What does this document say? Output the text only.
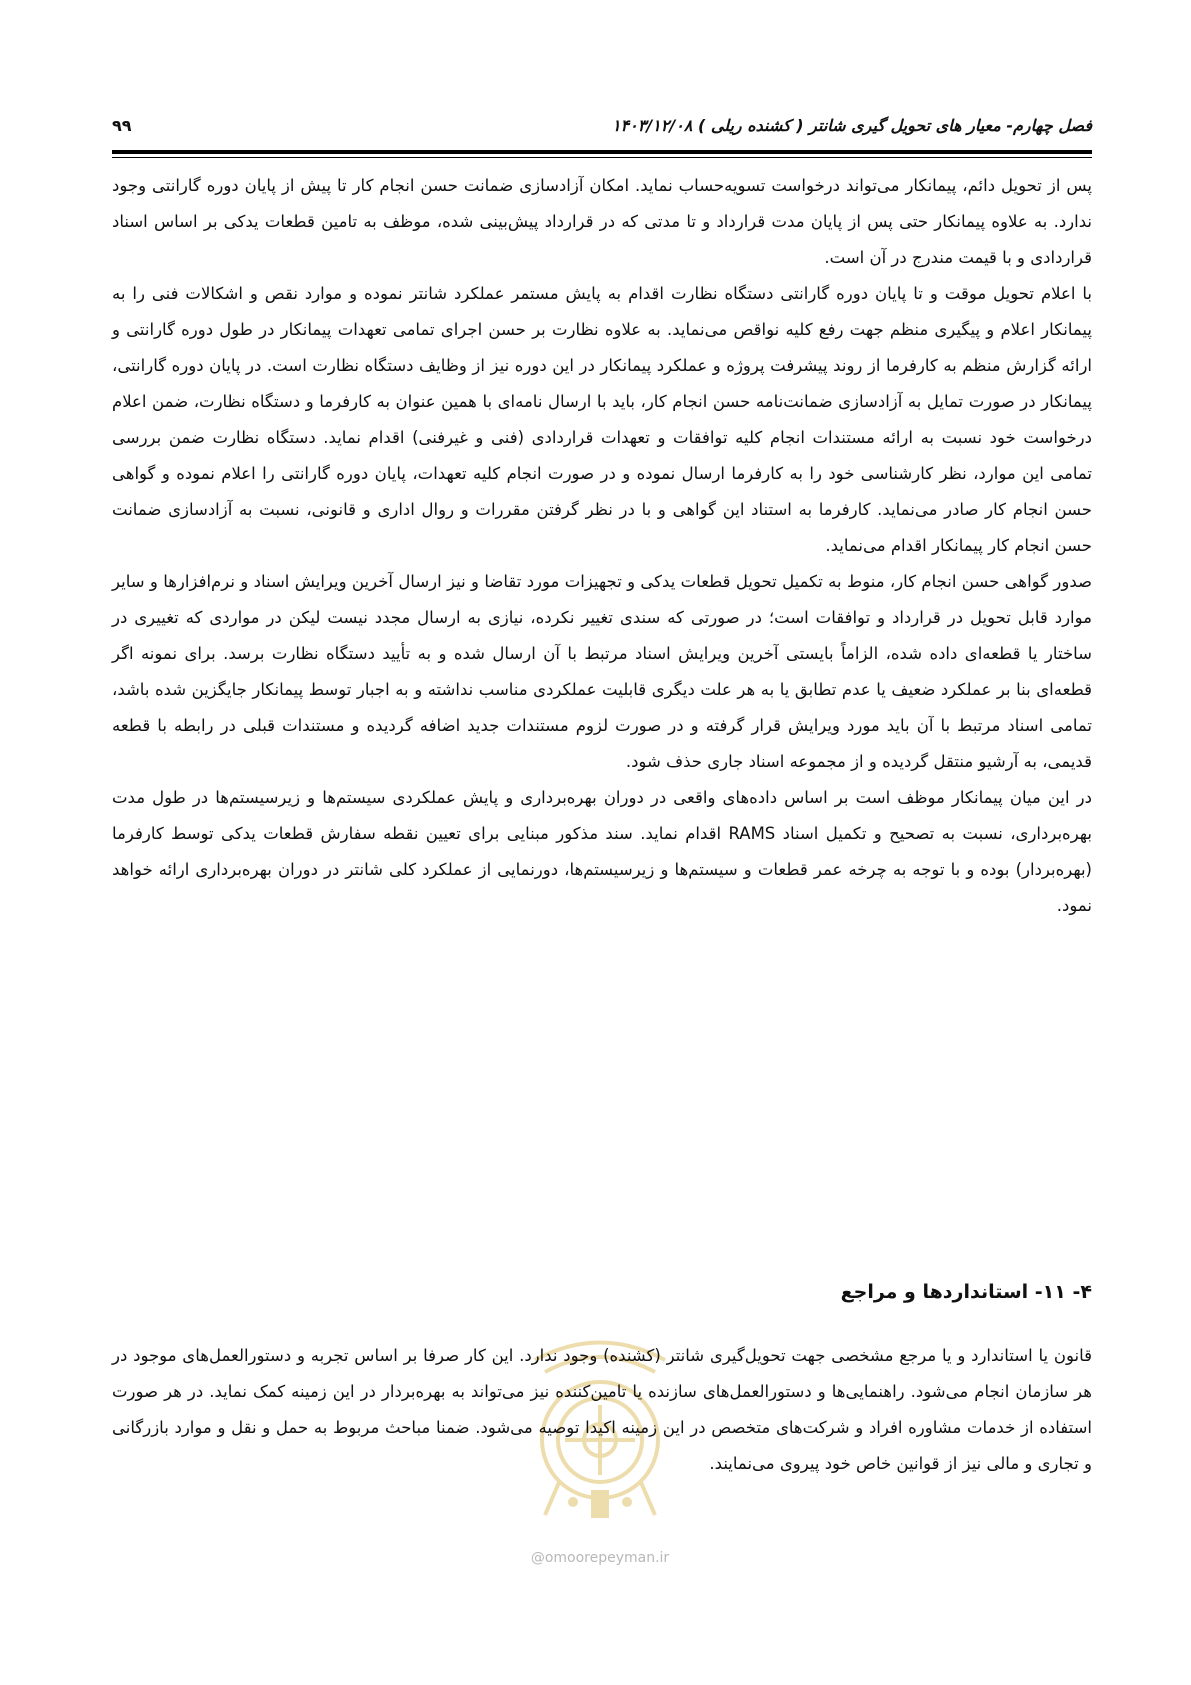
فصل چهارم- معیار های تحویل گیری شانتر ( کشنده ریلی ) ۱۴۰۳/۱۲/۰۸
۹۹

پس از تحویل دائم، پیمانکار می‌تواند درخواست تسویه‌حساب نماید. امکان آزادسازی ضمانت حسن انجام کار تا پیش از پایان دوره گارانتی وجود ندارد. به علاوه پیمانکار حتی پس از پایان مدت قرارداد و تا مدتی که در قرارداد پیش‌بینی شده، موظف به تامین قطعات یدکی بر اساس اسناد قراردادی و با قیمت مندرج در آن است.

با اعلام تحویل موقت و تا پایان دوره گارانتی دستگاه نظارت اقدام به پایش مستمر عملکرد شانتر نموده و موارد نقص و اشکالات فنی را به پیمانکار اعلام و پیگیری منظم جهت رفع کلیه نواقص می‌نماید. به علاوه نظارت بر حسن اجرای تمامی تعهدات پیمانکار در طول دوره گارانتی و ارائه گزارش منظم به کارفرما از روند پیشرفت پروژه و عملکرد پیمانکار در این دوره نیز از وظایف دستگاه نظارت است. در پایان دوره گارانتی، پیمانکار در صورت تمایل به آزادسازی ضمانت‌نامه حسن انجام کار، باید با ارسال نامه‌ای با همین عنوان به کارفرما و دستگاه نظارت، ضمن اعلام درخواست خود نسبت به ارائه مستندات انجام کلیه توافقات و تعهدات قراردادی (فنی و غیرفنی) اقدام نماید. دستگاه نظارت ضمن بررسی تمامی این موارد، نظر کارشناسی خود را به کارفرما ارسال نموده و در صورت انجام کلیه تعهدات، پایان دوره گارانتی را اعلام نموده و گواهی حسن انجام کار صادر می‌نماید. کارفرما به استناد این گواهی و با در نظر گرفتن مقررات و روال اداری و قانونی، نسبت به آزادسازی ضمانت حسن انجام کار پیمانکار اقدام می‌نماید.

صدور گواهی حسن انجام کار، منوط به تکمیل تحویل قطعات یدکی و تجهیزات مورد تقاضا و نیز ارسال آخرین ویرایش اسناد و نرم‌افزارها و سایر موارد قابل تحویل در قرارداد و توافقات است؛ در صورتی که سندی تغییر نکرده، نیازی به ارسال مجدد نیست لیکن در مواردی که تغییری در ساختار یا قطعه‌ای داده شده، الزاماً بایستی آخرین ویرایش اسناد مرتبط با آن ارسال شده و به تأیید دستگاه نظارت برسد. برای نمونه اگر قطعه‌ای بنا بر عملکرد ضعیف یا عدم تطابق یا به هر علت دیگری قابلیت عملکردی مناسب نداشته و به اجبار توسط پیمانکار جایگزین شده باشد، تمامی اسناد مرتبط با آن باید مورد ویرایش قرار گرفته و در صورت لزوم مستندات جدید اضافه گردیده و مستندات قبلی در رابطه با قطعه قدیمی، به آرشیو منتقل گردیده و از مجموعه اسناد جاری حذف شود.

در این میان پیمانکار موظف است بر اساس داده‌های واقعی در دوران بهره‌برداری و پایش عملکردی سیستم‌ها و زیرسیستم‌ها در طول مدت بهره‌برداری، نسبت به تصحیح و تکمیل اسناد RAMS اقدام نماید. سند مذکور مبنایی برای تعیین نقطه سفارش قطعات یدکی توسط کارفرما (بهره‌بردار) بوده و با توجه به چرخه عمر قطعات و سیستم‌ها و زیرسیستم‌ها، دورنمایی از عملکرد کلی شانتر در دوران بهره‌برداری ارائه خواهد نمود.

۴- ۱۱- استانداردها و مراجع
@omoorepeyman.ir
قانون یا استاندارد و یا مرجع مشخصی جهت تحویل‌گیری شانتر (کشنده) وجود ندارد. این کار صرفا بر اساس تجربه و دستورالعمل‌های موجود در هر سازمان انجام می‌شود. راهنمایی‌ها و دستورالعمل‌های سازنده یا تامین‌کننده نیز می‌تواند به بهره‌بردار در این زمینه کمک نماید. در هر صورت استفاده از خدمات مشاوره افراد و شرکت‌های متخصص در این زمینه اکیدا توصیه می‌شود. ضمنا مباحث مربوط به حمل و نقل و موارد بازرگانی و تجاری و مالی نیز از قوانین خاص خود پیروی می‌نمایند.
